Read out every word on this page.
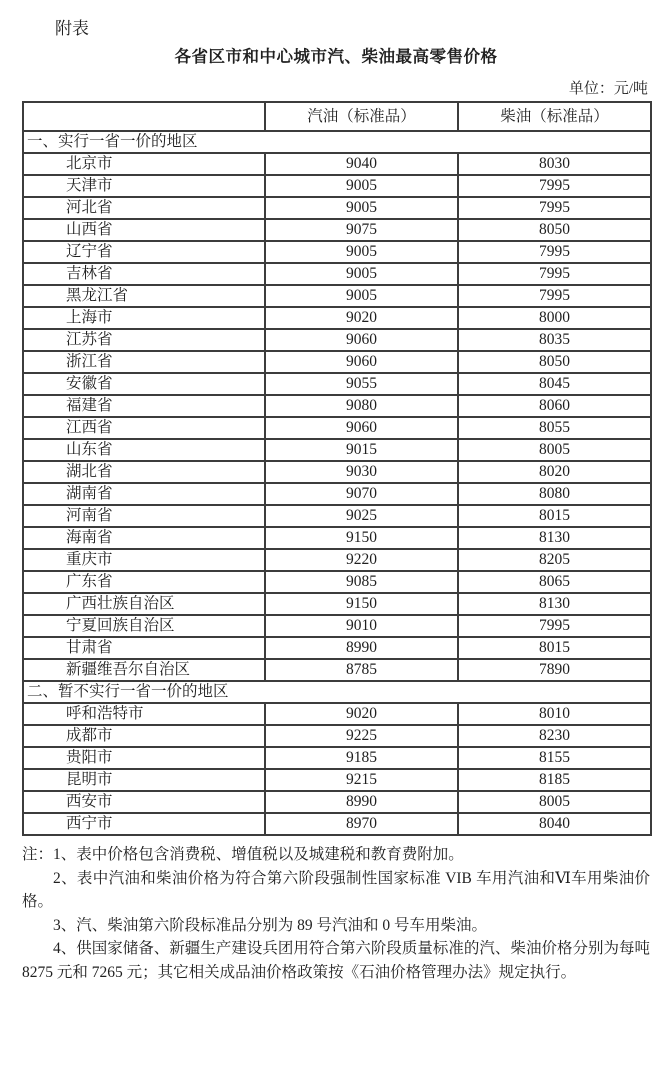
附表
各省区市和中心城市汽、柴油最高零售价格
单位：元/吨
	汽油（标准品）	柴油（标准品）
一、实行一省一价的地区		
北京市	9040	8030
天津市	9005	7995
河北省	9005	7995
山西省	9075	8050
辽宁省	9005	7995
吉林省	9005	7995
黑龙江省	9005	7995
上海市	9020	8000
江苏省	9060	8035
浙江省	9060	8050
安徽省	9055	8045
福建省	9080	8060
江西省	9060	8055
山东省	9015	8005
湖北省	9030	8020
湖南省	9070	8080
河南省	9025	8015
海南省	9150	8130
重庆市	9220	8205
广东省	9085	8065
广西壮族自治区	9150	8130
宁夏回族自治区	9010	7995
甘肃省	8990	8015
新疆维吾尔自治区	8785	7890
二、暂不实行一省一价的地区		
呼和浩特市	9020	8010
成都市	9225	8230
贵阳市	9185	8155
昆明市	9215	8185
西安市	8990	8005
西宁市	8970	8040

注：1、表中价格包含消费税、增值税以及城建税和教育费附加。

2、表中汽油和柴油价格为符合第六阶段强制性国家标准 VIB 车用汽油和Ⅵ车用柴油价格。

3、汽、柴油第六阶段标准品分别为 89 号汽油和 0 号车用柴油。

4、供国家储备、新疆生产建设兵团用符合第六阶段质量标准的汽、柴油价格分别为每吨 8275 元和 7265 元；其它相关成品油价格政策按《石油价格管理办法》规定执行。
